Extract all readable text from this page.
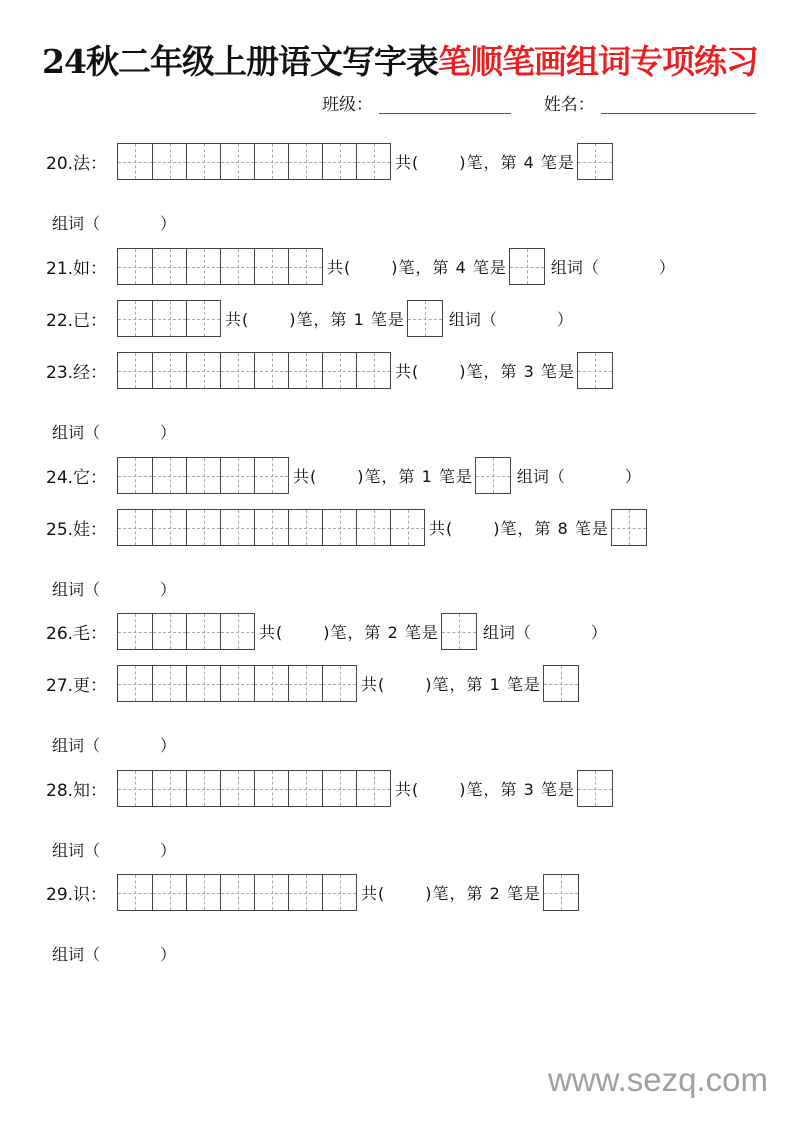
24秋二年级上册语文写字表笔顺笔画组词专项练习
班级：	姓名：
20.法：	共(	)笔，第 4 笔是
组词（	）
21.如：	共(	)笔，第 4 笔是	组词（	）
22.已：	共(	)笔，第 1 笔是	组词（	）
23.经：	共(	)笔，第 3 笔是
组词（	）
24.它：	共(	)笔，第 1 笔是	组词（	）
25.娃：	共(	)笔，第 8 笔是
组词（	）
26.毛：	共(	)笔，第 2 笔是	组词（	）
27.更：	共(	)笔，第 1 笔是
组词（	）
28.知：	共(	)笔，第 3 笔是
组词（	）
29.识：	共(	)笔，第 2 笔是
组词（	）
www.sezq.com
